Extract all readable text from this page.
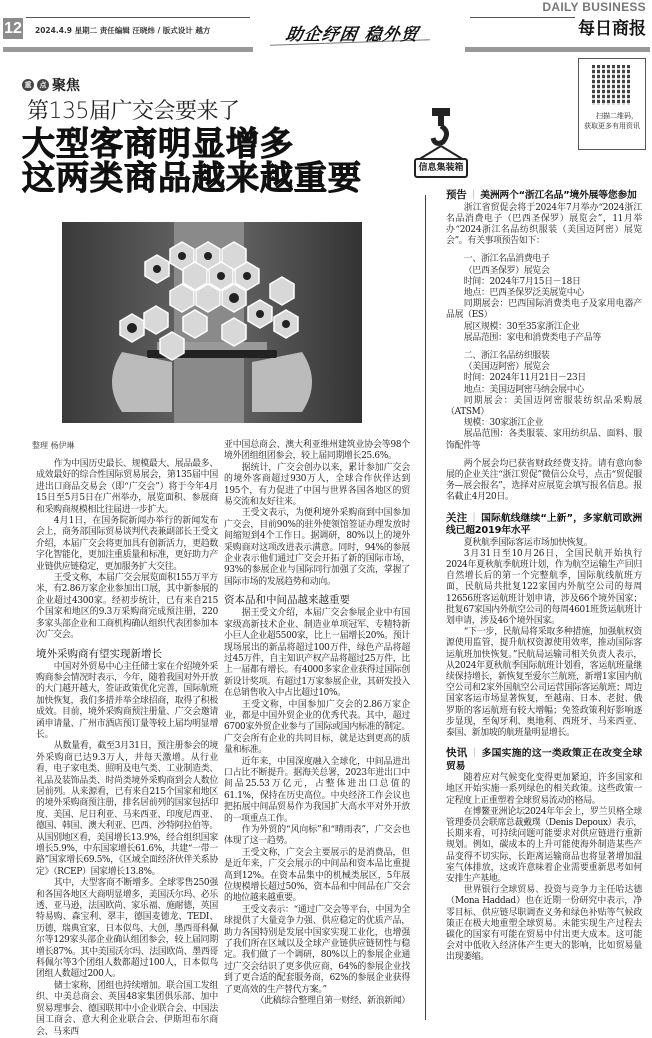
12 2024.4.9 星期二 责任编辑 汪晓炜 / 版式设计 越方	助企纾困 稳外贸
DAILY BUSINESS
每日商报
扫描二维码，获取更多有用资讯
重	点 聚焦
第135届广交会要来了
大型客商明显增多
这两类商品越来越重要	信息集装箱
整理 杨伊琳

作为中国历史最长、规模最大、展品最多、成效最好的综合性国际贸易展会，第135届中国进出口商品交易会（即“广交会”）将于今年4月15日至5月5日在广州举办，展览面积、参展商和采购商规模相比往届进一步扩大。

4月1日，在国务院新闻办举行的新闻发布会上，商务部国际贸易谈判代表兼副部长王受文介绍，本届广交会将更加具有创新活力，更趋数字化智能化，更加注重质量和标准，更好助力产业链供应链稳定，更加服务扩大交往。

王受文称，本届广交会展览面积155万平方米，有2.86万家企业参加出口展，其中新参展的企业超过4300家。经初步统计，已有来自215个国家和地区的9.3万采购商完成预注册，220多家头部企业和工商机构确认组织代表团参加本次广交会。

境外采购商有望实现新增长

中国对外贸易中心主任储士家在介绍境外采购商参会情况时表示，今年，随着我国对外开放的大门越开越大，签证政策优化完善，国际航班加快恢复，我们多措并举全球招商，取得了积极成效。目前，境外采购商预注册量、广交会邀请函申请量、广州市酒店预订量等较上届均明显增长。

从数量看，截至3月31日，预注册参会的境外采购商已达9.3万人，并每天激增。从行业看，电子家电类、照明及电气类、工业制造类、礼品及装饰品类、时尚类境外采购商到会人数位居前列。从来源看，已有来自215个国家和地区的境外采购商预注册，排名居前列的国家包括印度、美国、尼日利亚、马来西亚、印度尼西亚、德国、韩国、澳大利亚、巴西、沙特阿拉伯等。从国别地区看，美国增长13.9%，经合组织国家增长5.9%，中东国家增长61.6%，共建“一带一路”国家增长69.5%，《区域全面经济伙伴关系协定》（RCEP）国家增长13.8%。

其中，大型客商不断增多。全球零售250强和各国各地区大商明显增多，美国沃尔玛、必乐透、亚马逊，法国欧尚、家乐福、施耐德，英国特易购、森宝利、翠丰，德国麦德龙、TEDI、历德，瑞典宜家，日本似鸟、大创，墨西哥科佩尔等129家头部企业确认组团参会，较上届同期增长87%。其中美国沃尔玛、法国欧尚、墨西哥科佩尔等3个团组人数都超过100人，日本似鸟团组人数超过200人。

储士家称，团组也持续增加。联合国工发组织、中美总商会、英国48家集团俱乐部、加中贸易理事会、德国联邦中小企业联合会、中国法国工商会、意大利企业联合会、伊斯坦布尔商会、马来西

亚中国总商会、澳大利亚维州建筑业协会等98个境外团组组团参会，较上届同期增长25.6%。

据统计，广交会创办以来，累计参加广交会的境外客商超过930万人，全球合作伙伴达到195个，有力促进了中国与世界各国各地区的贸易交流和友好往来。

王受文表示，为便利境外采购商到中国参加广交会，目前90%的驻外使领馆签证办理发放时间缩短到4个工作日。据调研，80%以上的境外采购商对这项改进表示满意。同时，94%的参展企业表示他们通过广交会开拓了新的国际市场，93%的参展企业与国际同行加强了交流，掌握了国际市场的发展趋势和动向。

资本品和中间品越来越重要

据王受文介绍，本届广交会参展企业中有国家级高新技术企业、制造业单项冠军、专精特新小巨人企业超5500家，比上一届增长20%。预计现场展出的新品将超过100万件，绿色产品将超过45万件，自主知识产权产品将超过25万件，比上一届都有增长。有4000多家企业获得过国际创新设计奖项。有超过1万家参展企业，其研发投入在总销售收入中占比超过10%。

王受文称，中国参加广交会的2.86万家企业，都是中国外贸企业的优秀代表。其中，超过6700家外贸企业参与了国际或国内标准的制定。广交会所有企业的共同目标，就是达到更高的质量和标准。

近年来，中国深度融入全球化，中间品进出口占比不断提升。据海关总署，2023年进出口中间品25.53万亿元，占整体进出口总值的61.1%，保持在历史高位。中央经济工作会议也把拓展中间品贸易作为我国扩大高水平对外开放的一项重点工作。

作为外贸的“风向标”和“晴雨表”，广交会也体现了这一趋势。

王受文称，广交会主要展示的是消费品，但是近年来，广交会展示的中间品和资本品比重提高到12%。在资本品集中的机械类展区，5年展位规模增长超过50%，资本品和中间品在广交会的地位越来越重要。

王受文表示：“通过广交会等平台，中国为全球提供了大量竞争力强、供应稳定的优质产品，助力各国特别是发展中国家实现工业化，也增强了我们所在区域以及全球产业链供应链韧性与稳定。我们做了一个调研，80%以上的参展企业通过广交会结识了更多供应商，64%的参展企业找到了更合适的配套服务商，62%的参展企业获得了更高效的生产替代方案。”

（此稿综合整理自第一财经、新浪新闻）

预告 ｜ 美洲两个“浙江名品”境外展等您参加

浙江省贸促会将于2024年7月举办“2024浙江名品消费电子（巴西圣保罗）展览会”，11月举办“2024浙江名品纺织服装（美国迈阿密）展览会”。有关事项预告如下：

一、浙江名品消费电子

（巴西圣保罗）展览会

时间：2024年7月15日－18日

地点：巴西圣保罗泛美展览中心

同期展会：巴西国际消费类电子及家用电器产品展（ES）

展区规模：30至35家浙江企业

展品范围：家电和消费类电子产品等

二、浙江名品纺织服装

（美国迈阿密）展览会

时间：2024年11月21日－23日

地点：美国迈阿密马纳会展中心

同期展会：美国迈阿密服装纺织品采购展（ATSM）

规模：30家浙江企业

展品范围：各类服装、家用纺织品、面料、服饰配件等

两个展会均已获省财政经费支持。请有意向参展的企业关注“浙江贸促”微信公众号，点击“贸促服务—展会报名”，选择对应展览会填写报名信息。报名截止4月20日。

关注 ｜ 国际航线继续“上新”，多家航司欧洲线已超2019年水平

夏秋航季国际客运市场加快恢复。

3月31日至10月26日，全国民航开始执行2024年夏秋航季航班计划，作为航空运输生产回归自然增长后的第一个完整航季，国际航线航班方面，民航局共批复122家国内外航空公司的每周12656班客运航班计划申请，涉及66个境外国家；批复67家国内外航空公司的每周4601班货运航班计划申请，涉及46个境外国家。

“下一步，民航局将采取多种措施，加强航权资源使用监管，提升航权资源使用效率，推动国际客运航班加快恢复。”民航局运输司相关负责人表示，从2024年夏秋航季国际航班计划看，客运航班量继续保持增长，新恢复至爱尔兰航班，新增1家国内航空公司和2家外国航空公司运营国际客运航班；周边国家客运市场显著恢复，至越南、日本、老挝、俄罗斯的客运航班有较大增幅；免签政策利好影响逐步显现，至匈牙利、奥地利、西班牙、马来西亚、泰国、新加坡的航班量明显增长。

快讯 ｜ 多国实施的这一类政策正在改变全球贸易

随着应对气候变化变得更加紧迫，许多国家和地区开始实施一系列绿色的相关政策。这些政策一定程度上正重塑着全球贸易流动的格局。

在博鳌亚洲论坛2024年年会上，罗兰贝格全球管理委员会联席总裁戴璞（Denis Depoux）表示，长期来看，可持续问题可能要求对供应链进行重新规划。例如，碳成本的上升可能使海外制造某些产品变得不切实际，长距离运输商品也将显著增加温室气体排放，这或许意味着企业需要重新思考如何安排生产基地。

世界银行全球贸易、投资与竞争力主任哈达德（Mona Haddad）也在近期一份研究中表示，净零目标、供应链尽职调查义务和绿色补贴等气候政策正在极大地重塑全球贸易。未能实现生产过程去碳化的国家有可能在贸易中付出更大成本。这可能会对中低收入经济体产生更大的影响，比如贸易量出现萎缩。
